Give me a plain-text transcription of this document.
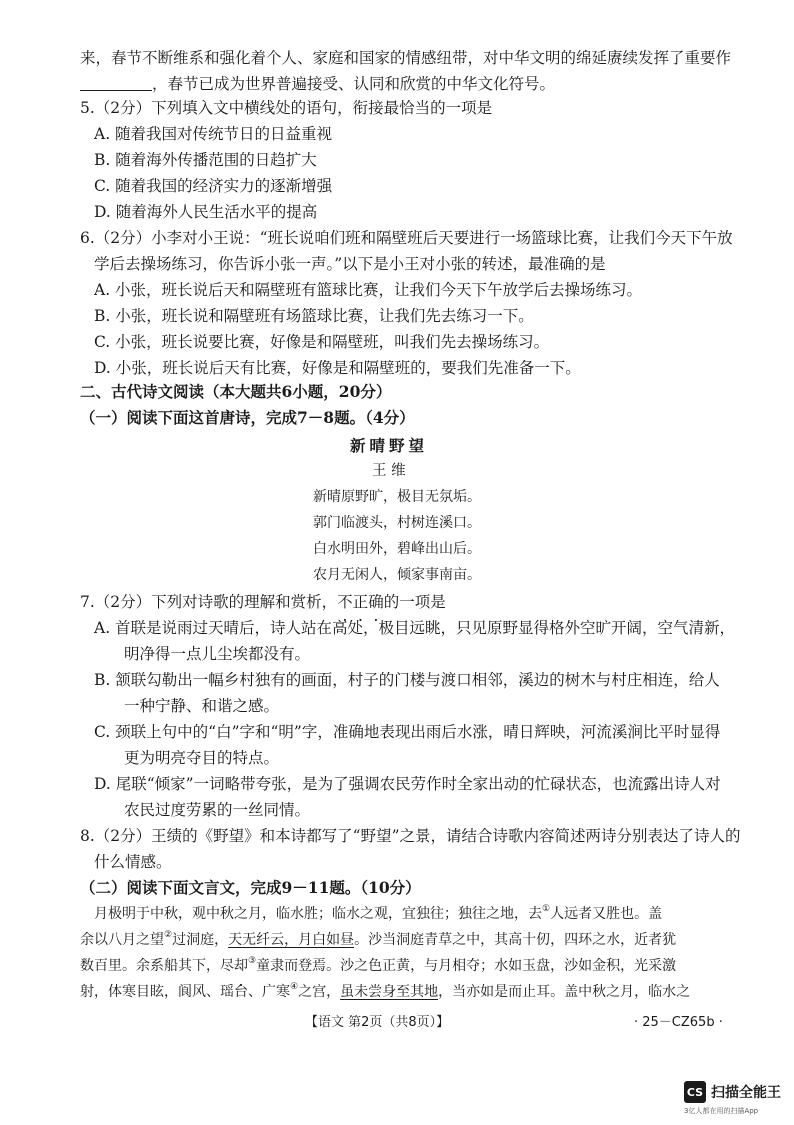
来，春节不断维系和强化着个人、家庭和国家的情感纽带，对中华文明的绵延赓续发挥了重要作
，春节已成为世界普遍接受、认同和欣赏的中华文化符号。
5.（2分）下列填入文中横线处的语句，衔接最恰当的一项是
A. 随着我国对传统节日的日益重视
B. 随着海外传播范围的日趋扩大
C. 随着我国的经济实力的逐渐增强
D. 随着海外人民生活水平的提高
6.（2分）小李对小王说：“班长说咱们班和隔壁班后天要进行一场篮球比赛，让我们今天下午放
学后去操场练习，你告诉小张一声。”以下是小王对小张的转述，最准确的是
A. 小张，班长说后天和隔壁班有篮球比赛，让我们今天下午放学后去操场练习。
B. 小张，班长说和隔壁班有场篮球比赛，让我们先去练习一下。
C. 小张，班长说要比赛，好像是和隔壁班，叫我们先去操场练习。
D. 小张，班长说后天有比赛，好像是和隔壁班的，要我们先准备一下。
二、古代诗文阅读（本大题共6小题，20分）
（一）阅读下面这首唐诗，完成7－8题。（4分）
新晴野望
王 维
新晴原野旷，极目无氛垢。
郭门临渡头，村树连溪口。
白水明田外，碧峰出山后。
农月无闲人，倾家事南亩。
7.（2分）下列对诗歌的理解和赏析，不正确的一项是
A. 首联是说雨过天晴后，诗人站在高处，极目远眺，只见原野显得格外空旷开阔，空气清新，
明净得一点儿尘埃都没有。
B. 颔联勾勒出一幅乡村独有的画面，村子的门楼与渡口相邻，溪边的树木与村庄相连，给人
一种宁静、和谐之感。
C. 颈联上句中的“白”字和“明”字，准确地表现出雨后水涨，晴日辉映，河流溪涧比平时显得
更为明亮夺目的特点。
D. 尾联“倾家”一词略带夸张，是为了强调农民劳作时全家出动的忙碌状态，也流露出诗人对
农民过度劳累的一丝同情。
8.（2分）王绩的《野望》和本诗都写了“野望”之景，请结合诗歌内容简述两诗分别表达了诗人的
什么情感。
（二）阅读下面文言文，完成9－11题。（10分）
月极明于中秋，观中秋之月，临水胜；临水之观，宜独往；独往之地，去①人远者又胜也。盖
余以八月之望②过洞庭，天无纤云，月白如昼。沙当洞庭青草之中，其高十仞，四环之水，近者犹
数百里。余系船其下，尽却③童隶而登焉。沙之色正黄，与月相夺；水如玉盘，沙如金积，光采激
射，体寒目眩，阆风、瑶台、广寒④之宫，虽未尝身至其地，当亦如是而止耳。盖中秋之月，临水之
【语文 第2页（共8页）】	· 25－CZ65b ·
CS 扫描全能王
3亿人都在用的扫描App
